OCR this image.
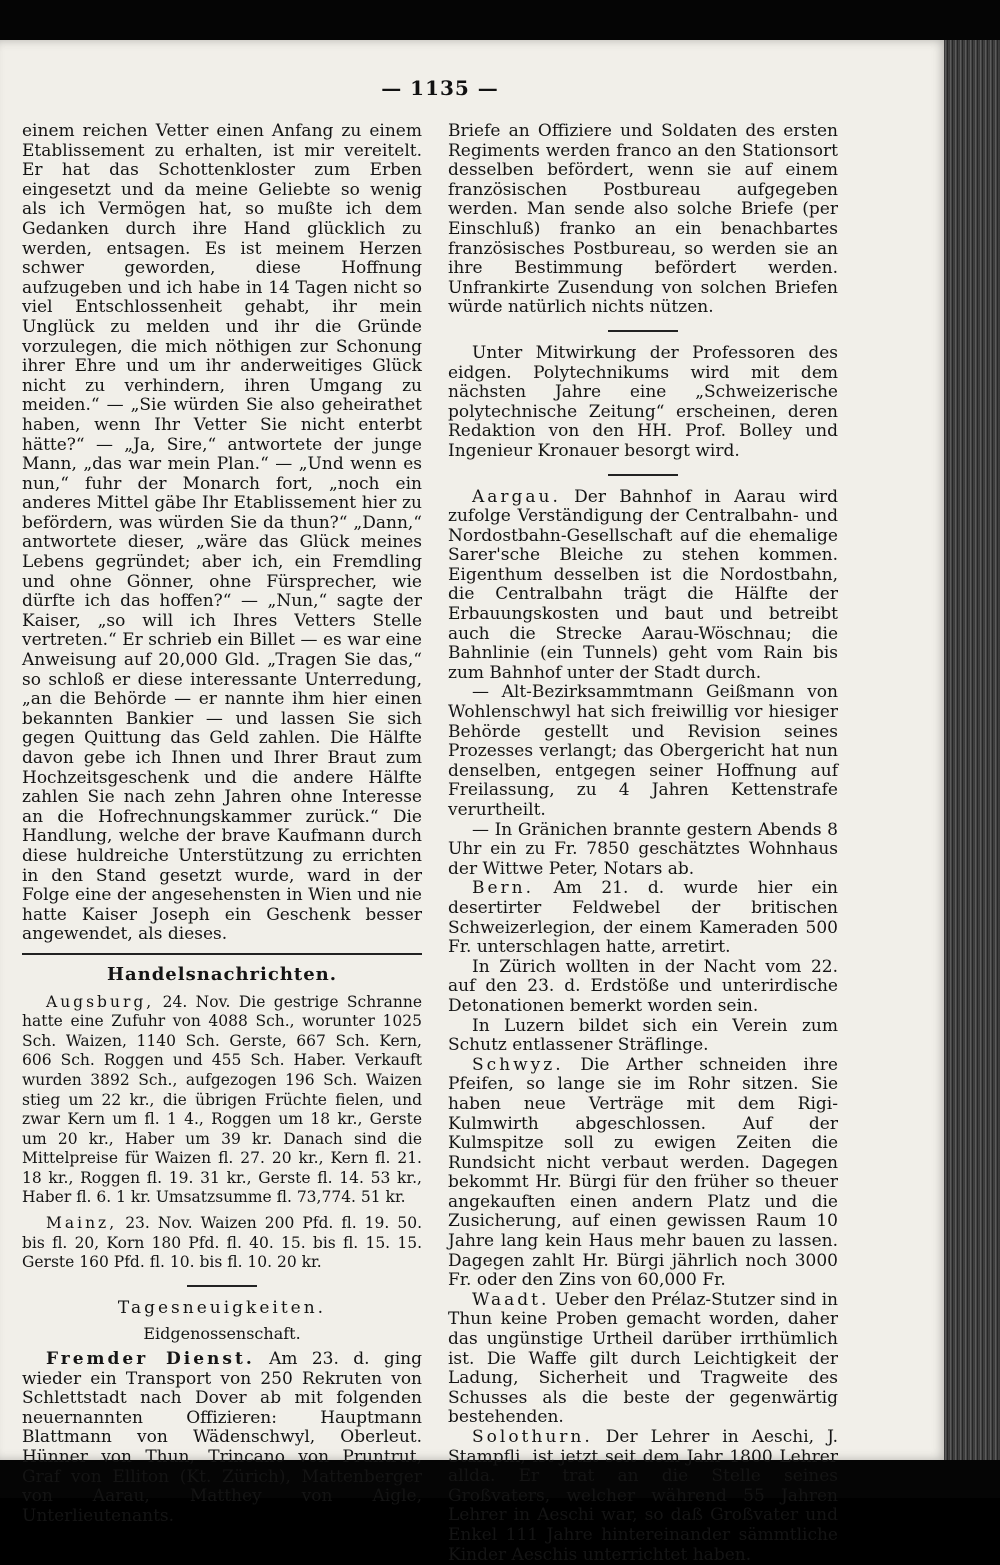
— 1135 —

einem reichen Vetter einen Anfang zu einem Etablissement zu erhalten, ist mir vereitelt. Er hat das Schottenkloster zum Erben eingesetzt und da meine Geliebte so wenig als ich Vermögen hat, so mußte ich dem Gedanken durch ihre Hand glücklich zu werden, entsagen. Es ist meinem Herzen schwer geworden, diese Hoffnung aufzugeben und ich habe in 14 Tagen nicht so viel Entschlossenheit gehabt, ihr mein Unglück zu melden und ihr die Gründe vorzulegen, die mich nöthigen zur Schonung ihrer Ehre und um ihr anderweitiges Glück nicht zu verhindern, ihren Umgang zu meiden.“ — „Sie würden Sie also geheirathet haben, wenn Ihr Vetter Sie nicht enterbt hätte?“ — „Ja, Sire,“ antwortete der junge Mann, „das war mein Plan.“ — „Und wenn es nun,“ fuhr der Monarch fort, „noch ein anderes Mittel gäbe Ihr Etablissement hier zu befördern, was würden Sie da thun?“ „Dann,“ antwortete dieser, „wäre das Glück meines Lebens gegründet; aber ich, ein Fremdling und ohne Gönner, ohne Fürsprecher, wie dürfte ich das hoffen?“ — „Nun,“ sagte der Kaiser, „so will ich Ihres Vetters Stelle vertreten.“ Er schrieb ein Billet — es war eine Anweisung auf 20,000 Gld. „Tragen Sie das,“ so schloß er diese interessante Unterredung, „an die Behörde — er nannte ihm hier einen bekannten Bankier — und lassen Sie sich gegen Quittung das Geld zahlen. Die Hälfte davon gebe ich Ihnen und Ihrer Braut zum Hochzeitsgeschenk und die andere Hälfte zahlen Sie nach zehn Jahren ohne Interesse an die Hofrechnungskammer zurück.“ Die Handlung, welche der brave Kaufmann durch diese huldreiche Unterstützung zu errichten in den Stand gesetzt wurde, ward in der Folge eine der angesehensten in Wien und nie hatte Kaiser Joseph ein Geschenk besser angewendet, als dieses.

Handelsnachrichten.

Augsburg, 24. Nov. Die gestrige Schranne hatte eine Zufuhr von 4088 Sch., worunter 1025 Sch. Waizen, 1140 Sch. Gerste, 667 Sch. Kern, 606 Sch. Roggen und 455 Sch. Haber. Verkauft wurden 3892 Sch., aufgezogen 196 Sch. Waizen stieg um 22 kr., die übrigen Früchte fielen, und zwar Kern um fl. 1 4., Roggen um 18 kr., Gerste um 20 kr., Haber um 39 kr. Danach sind die Mittelpreise für Waizen fl. 27. 20 kr., Kern fl. 21. 18 kr., Roggen fl. 19. 31 kr., Gerste fl. 14. 53 kr., Haber fl. 6. 1 kr. Umsatzsumme fl. 73,774. 51 kr.

Mainz, 23. Nov. Waizen 200 Pfd. fl. 19. 50. bis fl. 20, Korn 180 Pfd. fl. 40. 15. bis fl. 15. 15. Gerste 160 Pfd. fl. 10. bis fl. 10. 20 kr.

Tagesneuigkeiten.
Eidgenossenschaft.

Fremder Dienst. Am 23. d. ging wieder ein Transport von 250 Rekruten von Schlettstadt nach Dover ab mit folgenden neuernannten Offizieren: Hauptmann Blattmann von Wädenschwyl, Oberleut. Hünner von Thun, Trincano von Pruntrut, Graf von Elliton (Kt. Zürich), Mattenberger von Aarau, Matthey von Aigle, Unterlieutenants.

Briefe an Offiziere und Soldaten des ersten Regiments werden franco an den Stationsort desselben befördert, wenn sie auf einem französischen Postbureau aufgegeben werden. Man sende also solche Briefe (per Einschluß) franko an ein benachbartes französisches Postbureau, so werden sie an ihre Bestimmung befördert werden. Unfrankirte Zusendung von solchen Briefen würde natürlich nichts nützen.

Unter Mitwirkung der Professoren des eidgen. Polytechnikums wird mit dem nächsten Jahre eine „Schweizerische polytechnische Zeitung“ erscheinen, deren Redaktion von den HH. Prof. Bolley und Ingenieur Kronauer besorgt wird.

Aargau. Der Bahnhof in Aarau wird zufolge Verständigung der Centralbahn- und Nordostbahn-Gesellschaft auf die ehemalige Sarer'sche Bleiche zu stehen kommen. Eigenthum desselben ist die Nordostbahn, die Centralbahn trägt die Hälfte der Erbauungskosten und baut und betreibt auch die Strecke Aarau-Wöschnau; die Bahnlinie (ein Tunnels) geht vom Rain bis zum Bahnhof unter der Stadt durch.

— Alt-Bezirksammtmann Geißmann von Wohlenschwyl hat sich freiwillig vor hiesiger Behörde gestellt und Revision seines Prozesses verlangt; das Obergericht hat nun denselben, entgegen seiner Hoffnung auf Freilassung, zu 4 Jahren Kettenstrafe verurtheilt.

— In Gränichen brannte gestern Abends 8 Uhr ein zu Fr. 7850 geschätztes Wohnhaus der Wittwe Peter, Notars ab.

Bern. Am 21. d. wurde hier ein desertirter Feldwebel der britischen Schweizerlegion, der einem Kameraden 500 Fr. unterschlagen hatte, arretirt.

In Zürich wollten in der Nacht vom 22. auf den 23. d. Erdstöße und unterirdische Detonationen bemerkt worden sein.

In Luzern bildet sich ein Verein zum Schutz entlassener Sträflinge.

Schwyz. Die Arther schneiden ihre Pfeifen, so lange sie im Rohr sitzen. Sie haben neue Verträge mit dem Rigi-Kulmwirth abgeschlossen. Auf der Kulmspitze soll zu ewigen Zeiten die Rundsicht nicht verbaut werden. Dagegen bekommt Hr. Bürgi für den früher so theuer angekauften einen andern Platz und die Zusicherung, auf einen gewissen Raum 10 Jahre lang kein Haus mehr bauen zu lassen. Dagegen zahlt Hr. Bürgi jährlich noch 3000 Fr. oder den Zins von 60,000 Fr.

Waadt. Ueber den Prélaz-Stutzer sind in Thun keine Proben gemacht worden, daher das ungünstige Urtheil darüber irrthümlich ist. Die Waffe gilt durch Leichtigkeit der Ladung, Sicherheit und Tragweite des Schusses als die beste der gegenwärtig bestehenden.

Solothurn. Der Lehrer in Aeschi, J. Stampfli, ist jetzt seit dem Jahr 1800 Lehrer allda. Er trat an die Stelle seines Großvaters, welcher während 55 Jahren Lehrer in Aeschi war, so daß Großvater und Enkel 111 Jahre hintereinander sämmtliche Kinder Aeschis unterrichtet haben.
